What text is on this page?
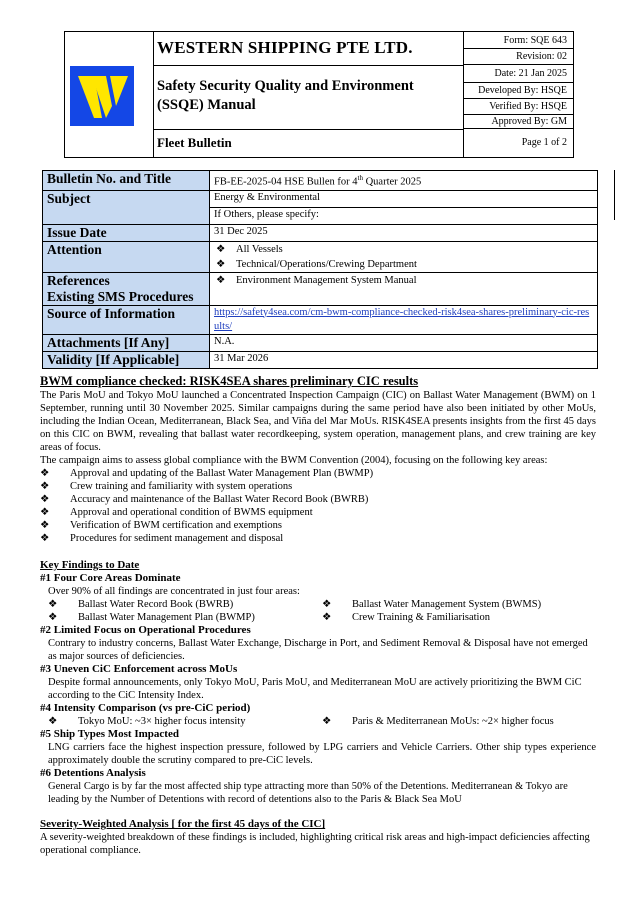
WESTERN SHIPPING PTE LTD.
Safety Security Quality and Environment (SSQE) Manual
Fleet Bulletin
Form: SQE 643
Revision: 02
Date: 21 Jan 2025
Developed By: HSQE
Verified By: HSQE
Approved By: GM
Page 1 of 2
Bulletin No. and Title	FB-EE-2025-04 HSE Bullen for 4th Quarter 2025
Subject	Energy & Environmental
	If Others, please specify:
Issue Date	31 Dec 2025
Attention	❖ All Vessels
❖ Technical/Operations/Crewing Department

References
Existing SMS Procedures	❖ Environment Management System Manual

Source of Information	https://safety4sea.com/cm-bwm-compliance-checked-risk4sea-shares-preliminary-cic-results/
Attachments [If Any]	N.A.
Validity [If Applicable]	31 Mar 2026
BWM compliance checked: RISK4SEA shares preliminary CIC results
The Paris MoU and Tokyo MoU launched a Concentrated Inspection Campaign (CIC) on Ballast Water Management (BWM) on 1 September, running until 30 November 2025. Similar campaigns during the same period have also been initiated by other MoUs, including the Indian Ocean, Mediterranean, Black Sea, and Viña del Mar MoUs. RISK4SEA presents insights from the first 45 days on this CIC on BWM, revealing that ballast water recordkeeping, system operation, management plans, and crew training are key areas of focus.
The campaign aims to assess global compliance with the BWM Convention (2004), focusing on the following key areas:
❖ Approval and updating of the Ballast Water Management Plan (BWMP)
❖ Crew training and familiarity with system operations
❖ Accuracy and maintenance of the Ballast Water Record Book (BWRB)
❖ Approval and operational condition of BWMS equipment
❖ Verification of BWM certification and exemptions
❖ Procedures for sediment management and disposal
Key Findings to Date
#1 Four Core Areas Dominate
Over 90% of all findings are concentrated in just four areas:
❖ Ballast Water Record Book (BWRB)	❖ Ballast Water Management System (BWMS)
❖ Ballast Water Management Plan (BWMP)	❖ Crew Training & Familiarisation
#2 Limited Focus on Operational Procedures
Contrary to industry concerns, Ballast Water Exchange, Discharge in Port, and Sediment Removal & Disposal have not emerged as major sources of deficiencies.
#3 Uneven CiC Enforcement across MoUs
Despite formal announcements, only Tokyo MoU, Paris MoU, and Mediterranean MoU are actively prioritizing the BWM CiC according to the CiC Intensity Index.
#4 Intensity Comparison (vs pre-CiC period)
❖ Tokyo MoU: ~3× higher focus intensity	❖ Paris & Mediterranean MoUs: ~2× higher focus
#5 Ship Types Most Impacted
LNG carriers face the highest inspection pressure, followed by LPG carriers and Vehicle Carriers. Other ship types experience approximately double the scrutiny compared to pre-CiC levels.
#6 Detentions Analysis
General Cargo is by far the most affected ship type attracting more than 50% of the Detentions. Mediterranean & Tokyo are leading by the Number of Detentions with record of detentions also to the Paris & Black Sea MoU
Severity-Weighted Analysis [ for the first 45 days of the CIC]
A severity-weighted breakdown of these findings is included, highlighting critical risk areas and high-impact deficiencies affecting operational compliance.
